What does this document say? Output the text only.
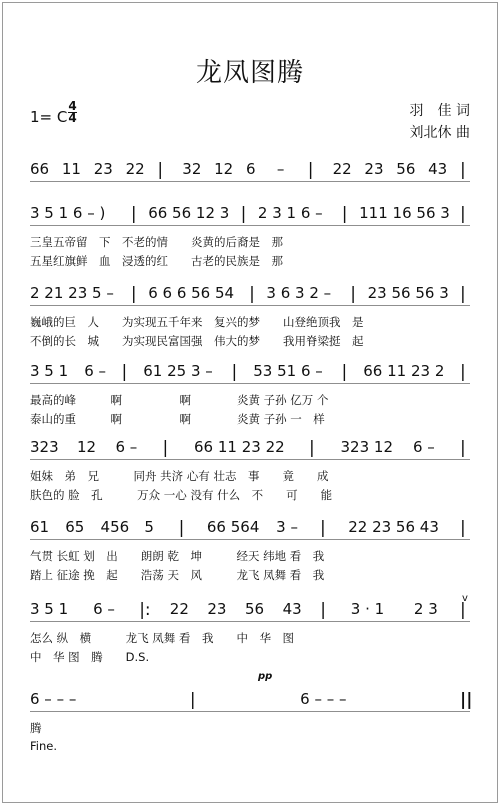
龙凤图腾
1= C
4
4	羽　佳 词
刘北休 曲
66 11 23 22 | 32 12 6 – | 22 23 56 43 |
3 5 1 6 – ) | 66 56 12 3 | 2 3 1 6 – | 111 16 56 3 |
三皇五帝留　下　不老的情　　炎黄的后裔是　那
五星红旗鲜　血　浸透的红　　古老的民族是　那
2 21 23 5 – | 6 6 6 56 54 | 3 6 3 2 – | 23 56 56 3 |
巍峨的巨　人　　为实现五千年来　复兴的梦　　山登绝顶我　是
不倒的长　城　　为实现民富国强　伟大的梦　　我用脊梁挺　起
3 5 1 6 – | 61 25 3 – | 53 51 6 – | 66 11 23 2 |
最高的峰　　　啊　　　　　啊　　　　炎黄 子孙 亿万 个
泰山的重　　　啊　　　　　啊　　　　炎黄 子孙 一　样
323 12 6 – | 66 11 23 22 | 323 12 6 – |
姐妹　弟　兄　　　同舟 共济 心有 壮志　事　　竟　　成
肤色的 脸　孔　　　万众 一心 没有 什么　不　　可　　能
61 65 456 5 | 66 564 3 – | 22 23 56 43 |
气贯 长虹 划　出　　朗朗 乾　坤　　　经天 纬地 看　我
踏上 征途 挽　起　　浩荡 天　风　　　龙飞 凤舞 看　我
3 5 1 6 – |: 22 23 56 43 | 3 · 1 2 3 |
怎么 纵　横　　　龙飞 凤舞 看　我　　中　华　图
中　华 图　腾　　D.S.
6 – – –	|	6 – – –	||
腾
Fine.
pp
v
